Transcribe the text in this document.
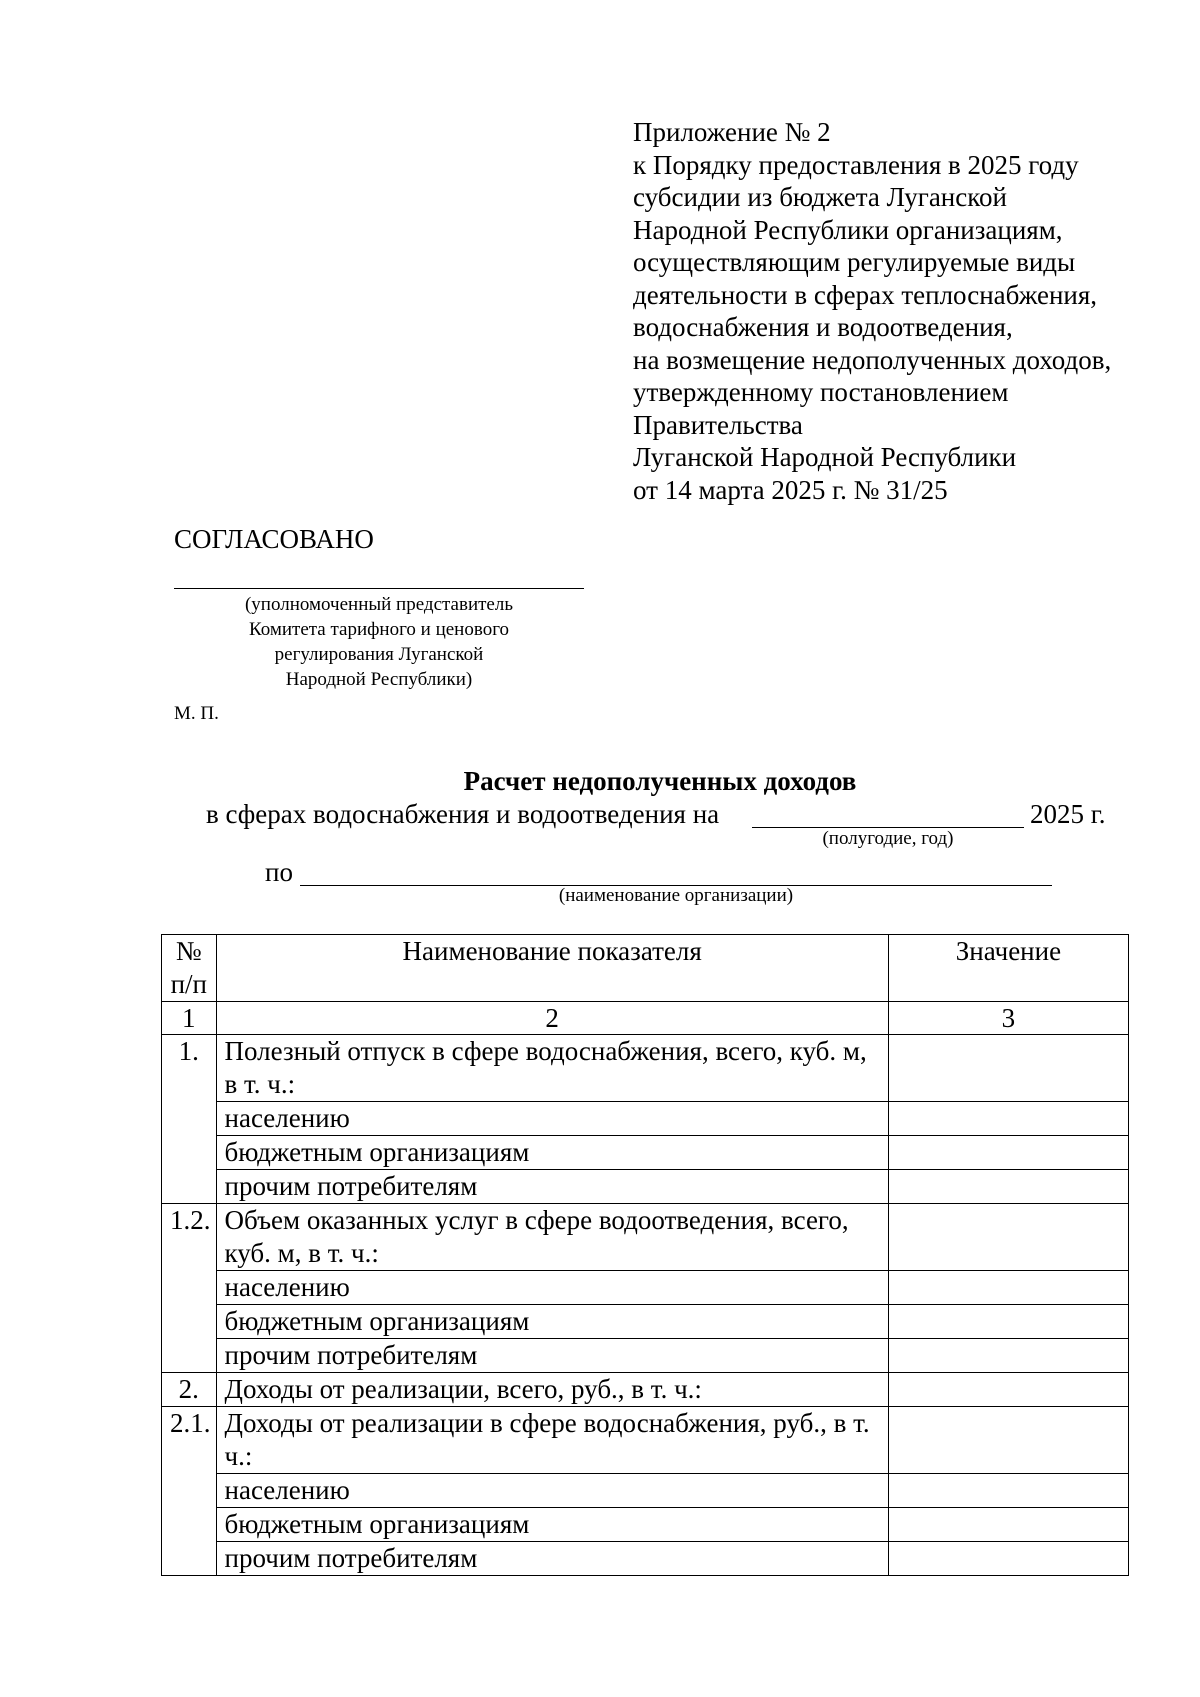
Приложение № 2
к Порядку предоставления в 2025 году
субсидии из бюджета Луганской
Народной Республики организациям,
осуществляющим регулируемые виды
деятельности в сферах теплоснабжения,
водоснабжения и водоотведения,
на возмещение недополученных доходов,
утвержденному постановлением
Правительства
Луганской Народной Республики
от 14 марта 2025 г. № 31/25
СОГЛАСОВАНО
(уполномоченный представитель
Комитета тарифного и ценового
регулирования Луганской
Народной Республики)
М. П.
Расчет недополученных доходов
в сферах водоснабжения и водоотведения на	2025 г.
(полугодие, год)
по
(наименование организации)
№ п/п	Наименование показателя	Значение
1	2	3
1.	Полезный отпуск в сфере водоснабжения, всего, куб. м, в т. ч.:	
	населению	
	бюджетным организациям	
	прочим потребителям	
1.2.	Объем оказанных услуг в сфере водоотведения, всего, куб. м, в т. ч.:	
	населению	
	бюджетным организациям	
	прочим потребителям	
2.	Доходы от реализации, всего, руб., в т. ч.:	
2.1.	Доходы от реализации в сфере водоснабжения, руб., в т. ч.:	
	населению	
	бюджетным организациям	
	прочим потребителям	
